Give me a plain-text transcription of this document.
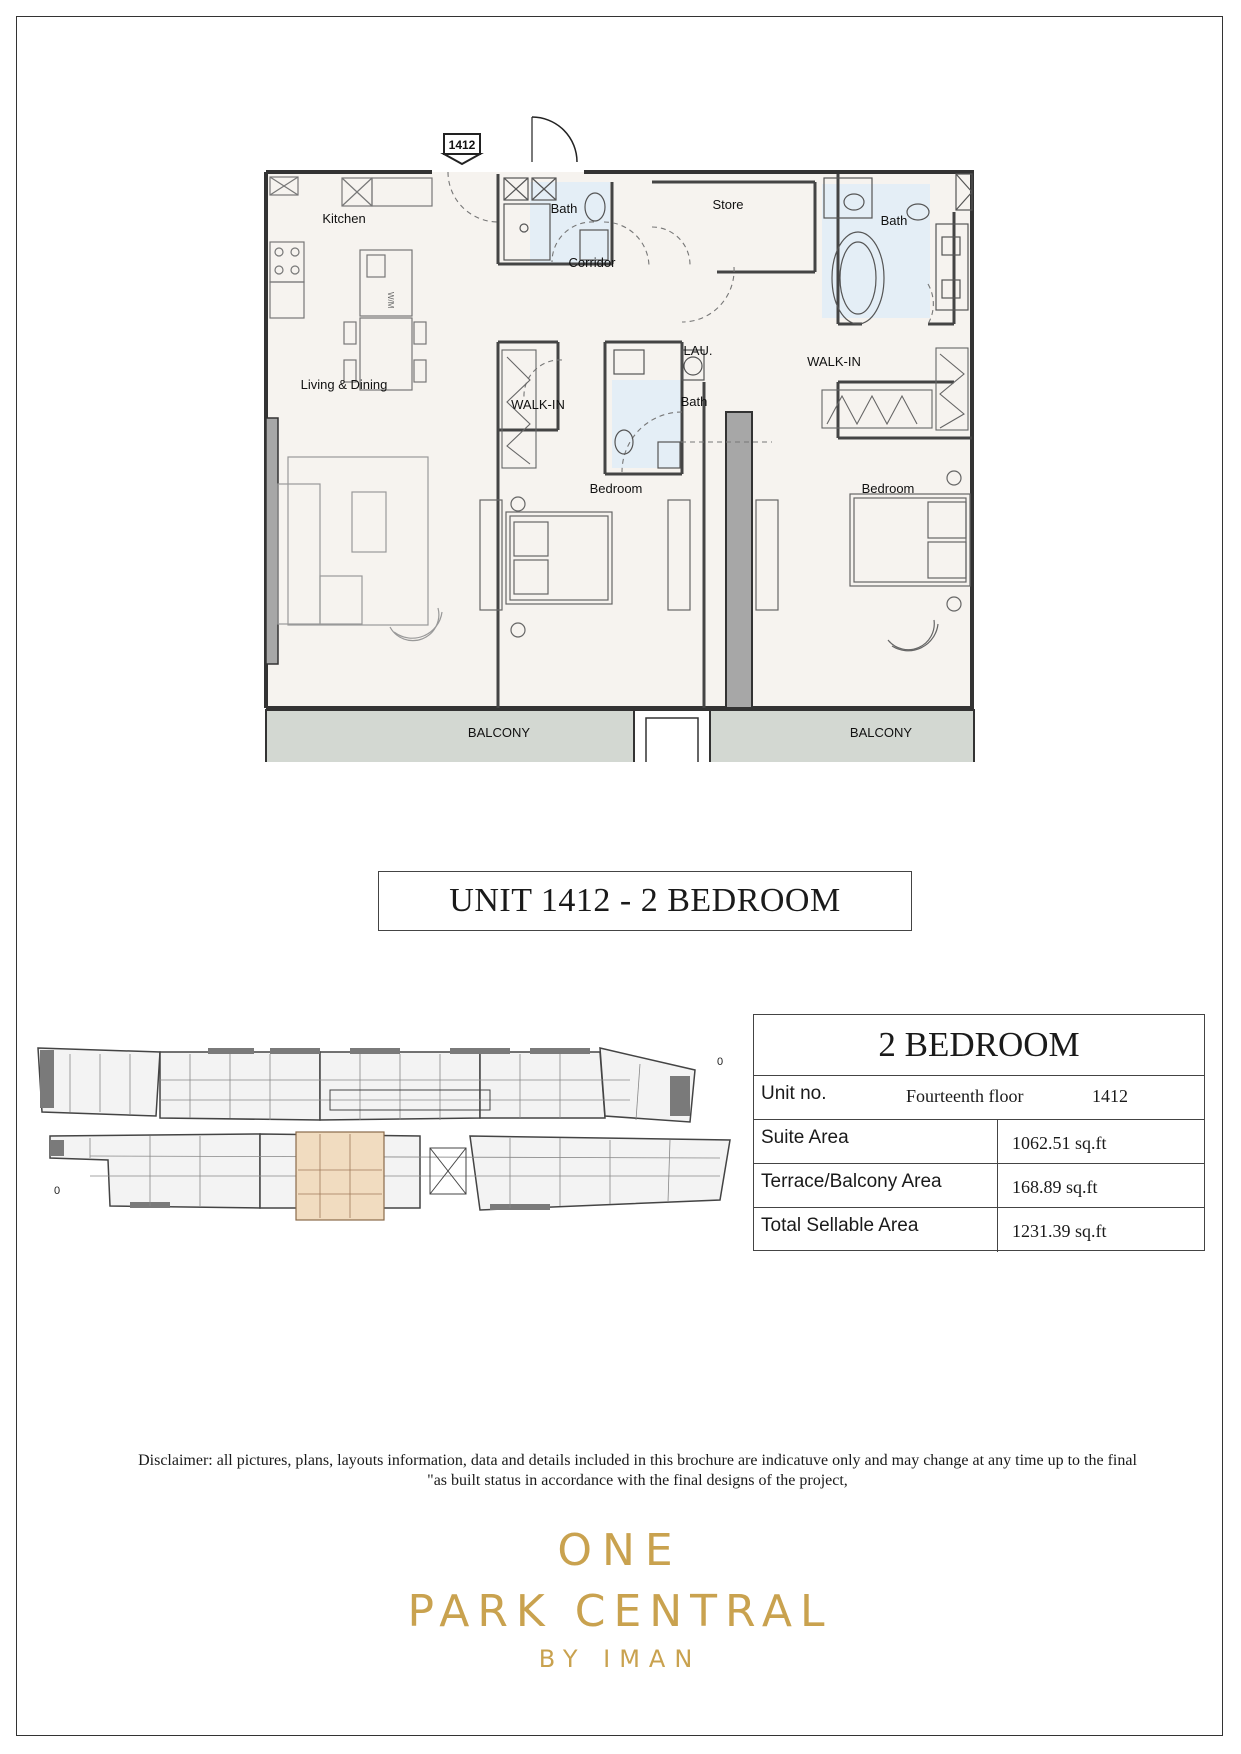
1412
W/M
Kitchen
Living & Dining
Bath
Corridor
Store
Bath
WALK-IN
LAU.
Bath
WALK-IN
Bedroom	Bedroom
BALCONY	BALCONY
UNIT 1412 - 2 BEDROOM
0
0
2 BEDROOM
Unit no.	Fourteenth floor	1412
Suite Area	1062.51 sq.ft
Terrace/Balcony Area	168.89 sq.ft
Total Sellable Area	1231.39 sq.ft
Disclaimer: all pictures, plans, layouts information, data and details included in this brochure are indicatuve only and may change at any time up to the final
"as built status in accordance with the final designs of the project,
ONE
PARK CENTRAL
BY IMAN
